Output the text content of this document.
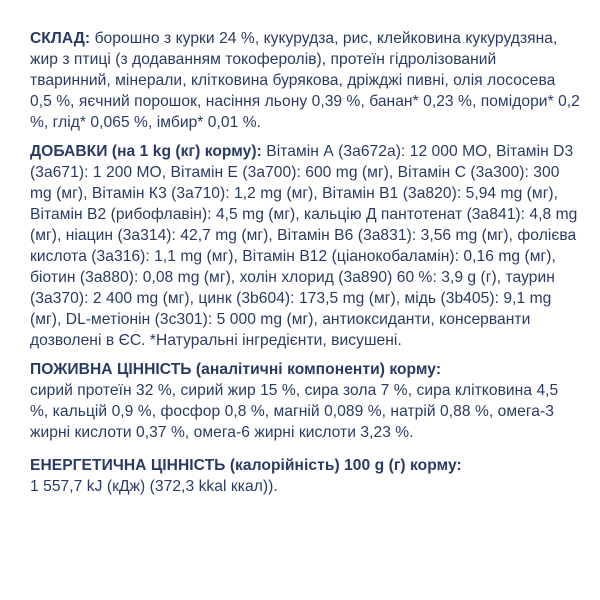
СКЛАД: борошно з курки 24 %, кукурудза, рис, клейковина кукурудзяна, жир з птиці (з додаванням токоферолів), протеїн гідролізований тваринний, мінерали, клітковина бурякова, дріжджі пивні, олія лососева 0,5 %, яєчний порошок, насіння льону 0,39 %, банан* 0,23 %, помідори* 0,2 %, глід* 0,065 %, імбир* 0,01 %.

ДОБАВКИ (на 1 kg (кг) корму): Вітамін А (3а672а): 12 000 МО, Вітамін D3 (3а671): 1 200 МО, Вітамін Е (3а700): 600 mg (мг), Вітамін С (3а300): 300 mg (мг), Вітамін К3 (3а710): 1,2 mg (мг), Вітамін В1 (3а820): 5,94 mg (мг), Вітамін В2 (рибофлавін): 4,5 mg (мг), кальцію Д пантотенат (3а841): 4,8 mg (мг), ніацин (3а314): 42,7 mg (мг), Вітамін В6 (3а831): 3,56 mg (мг), фолієва кислота (3а316): 1,1 mg (мг), Вітамін В12 (ціанокобаламін): 0,16 mg (мг), біотин (3а880): 0,08 mg (мг), холін хлорид (3а890) 60 %: 3,9 g (г), таурин (3а370): 2 400 mg (мг), цинк (3b604): 173,5 mg (мг), мідь (3b405): 9,1 mg (мг), DL-метіонін (3с301): 5 000 mg (мг), антиоксиданти, консерванти дозволені в ЄС. *Натуральні інгредієнти, висушені.

ПОЖИВНА ЦІННІСТЬ (аналітичні компоненти) корму:
сирий протеїн 32 %, сирий жир 15 %, сира зола 7 %, сира клітковина 4,5 %, кальцій 0,9 %, фосфор 0,8 %, магній 0,089 %, натрій 0,88 %, омега-3 жирні кислоти 0,37 %, омега-6 жирні кислоти 3,23 %.

ЕНЕРГЕТИЧНА ЦІННІСТЬ (калорійність) 100 g (г) корму:
1 557,7 kJ (кДж) (372,3 kkal ккал)).
